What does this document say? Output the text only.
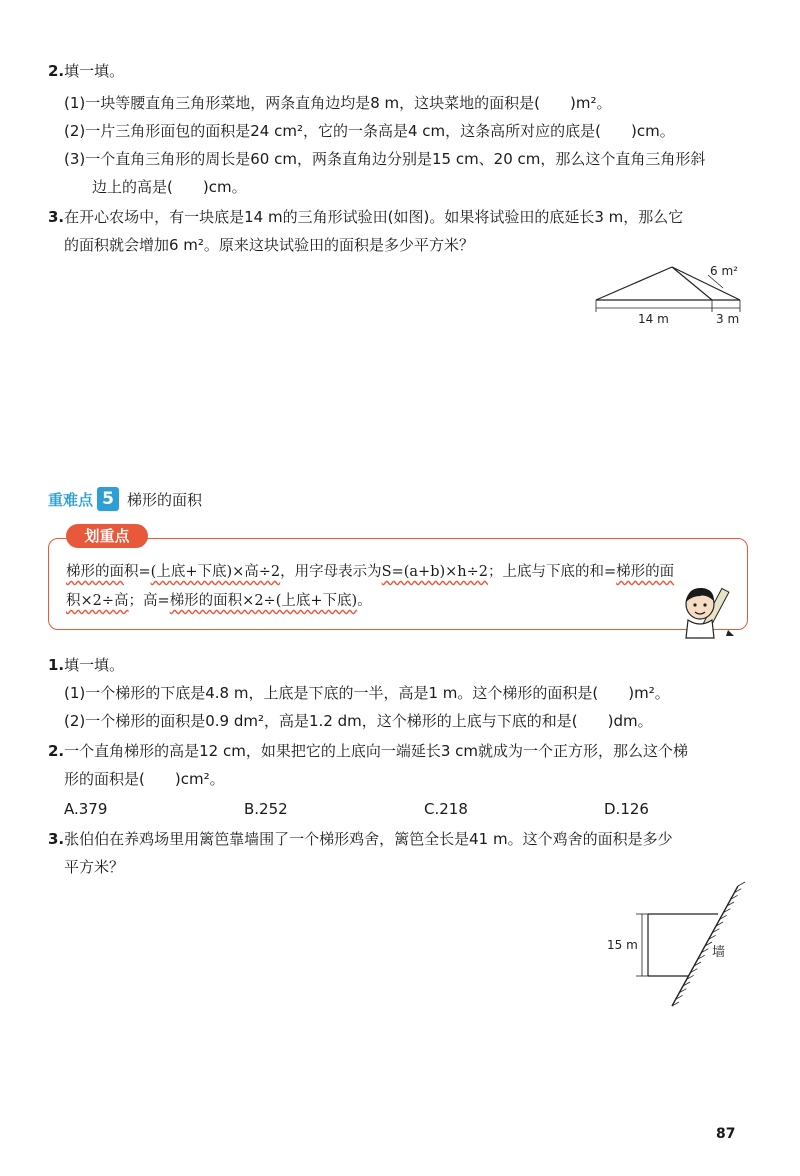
2.填一填。
(1)一块等腰直角三角形菜地，两条直角边均是8 m，这块菜地的面积是(　　)m²。
(2)一片三角形面包的面积是24 cm²，它的一条高是4 cm，这条高所对应的底是(　　)cm。
(3)一个直角三角形的周长是60 cm，两条直角边分别是15 cm、20 cm，那么这个直角三角形斜
边上的高是(　　)cm。
3.在开心农场中，有一块底是14 m的三角形试验田(如图)。如果将试验田的底延长3 m，那么它
的面积就会增加6 m²。原来这块试验田的面积是多少平方米？
6 m²
14 m	3 m
重难点 5 梯形的面积
划重点
梯形的面积=(上底+下底)×高÷2，用字母表示为S=(a+b)×h÷2；上底与下底的和=梯形的面
积×2÷高；高=梯形的面积×2÷(上底+下底)。
1.填一填。
(1)一个梯形的下底是4.8 m，上底是下底的一半，高是1 m。这个梯形的面积是(　　)m²。
(2)一个梯形的面积是0.9 dm²，高是1.2 dm，这个梯形的上底与下底的和是(　　)dm。
2.一个直角梯形的高是12 cm，如果把它的上底向一端延长3 cm就成为一个正方形，那么这个梯
形的面积是(　　)cm²。
A.379	B.252	C.218	D.126
3.张伯伯在养鸡场里用篱笆靠墙围了一个梯形鸡舍，篱笆全长是41 m。这个鸡舍的面积是多少
平方米？
15 m	墙
87
